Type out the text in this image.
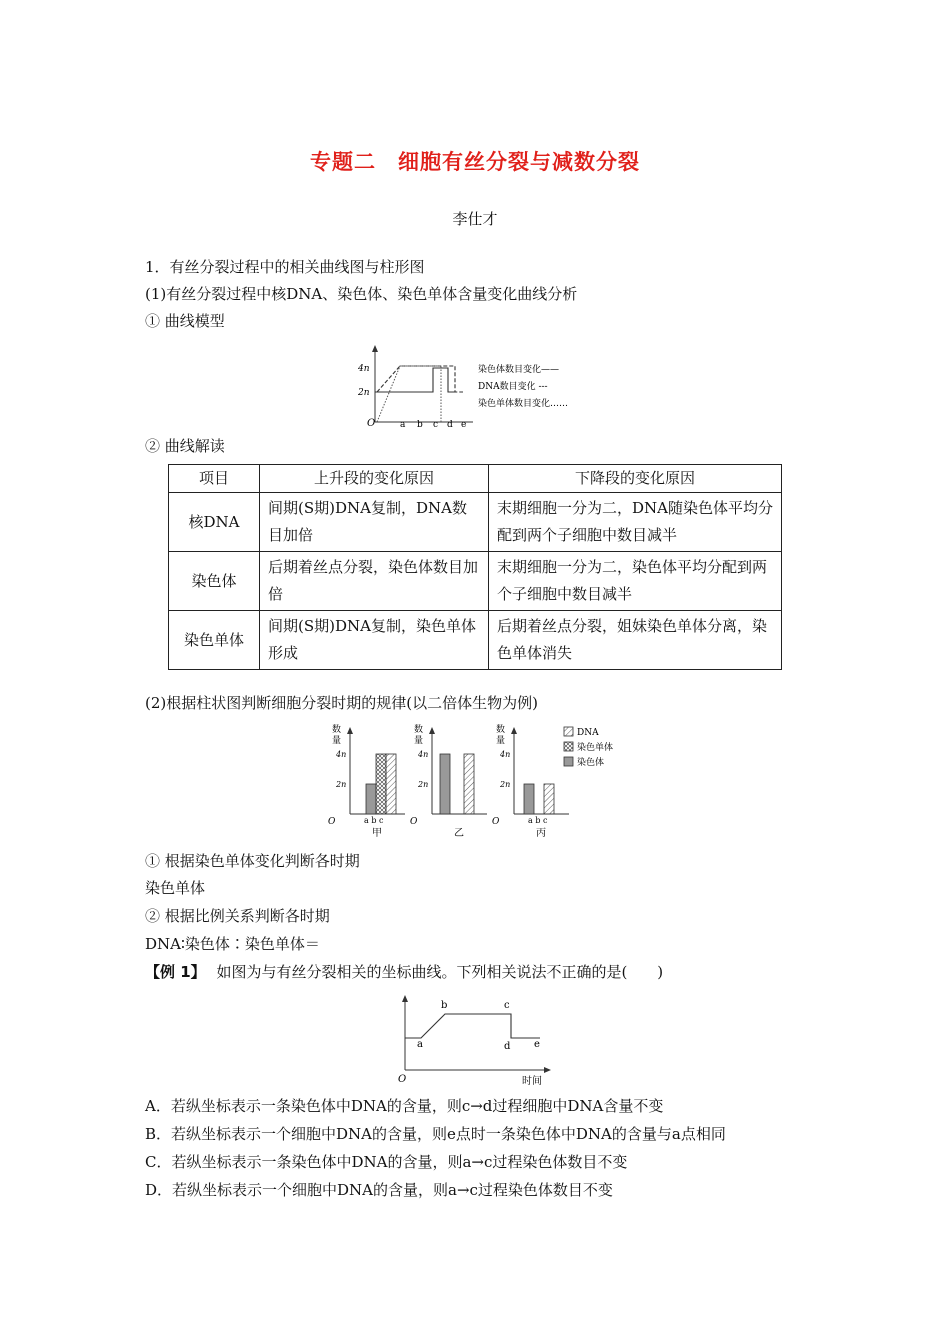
专题二　细胞有丝分裂与减数分裂
李仕才
1．有丝分裂过程中的相关曲线图与柱形图
(1)有丝分裂过程中核DNA、染色体、染色单体含量变化曲线分析
① 曲线模型
4n
2n
O	a b c d e
染色体数目变化——
DNA数目变化 ---
染色单体数目变化……
② 曲线解读
项目	上升段的变化原因	下降段的变化原因
核DNA	间期(S期)DNA复制，DNA数目加倍	末期细胞一分为二，DNA随染色体平均分配到两个子细胞中数目减半
染色体	后期着丝点分裂，染色体数目加倍	末期细胞一分为二，染色体平均分配到两个子细胞中数目减半
染色单体	间期(S期)DNA复制，染色单体形成	后期着丝点分裂，姐妹染色单体分离，染色单体消失
(2)根据柱状图判断细胞分裂时期的规律(以二倍体生物为例)
数
量
4n
2n
O	a b c
甲
数
量
4n
2n
O
乙
数
量
4n
2n
O	a b c
丙
DNA
染色单体
染色体
① 根据染色单体变化判断各时期
染色单体
② 根据比例关系判断各时期
DNA∶染色体∶染色单体＝
【例 1】 如图为与有丝分裂相关的坐标曲线。下列相关说法不正确的是(　　)
O
a
b	c
d e
时间
A．若纵坐标表示一条染色体中DNA的含量，则c→d过程细胞中DNA含量不变
B．若纵坐标表示一个细胞中DNA的含量，则e点时一条染色体中DNA的含量与a点相同
C．若纵坐标表示一条染色体中DNA的含量，则a→c过程染色体数目不变
D．若纵坐标表示一个细胞中DNA的含量，则a→c过程染色体数目不变
